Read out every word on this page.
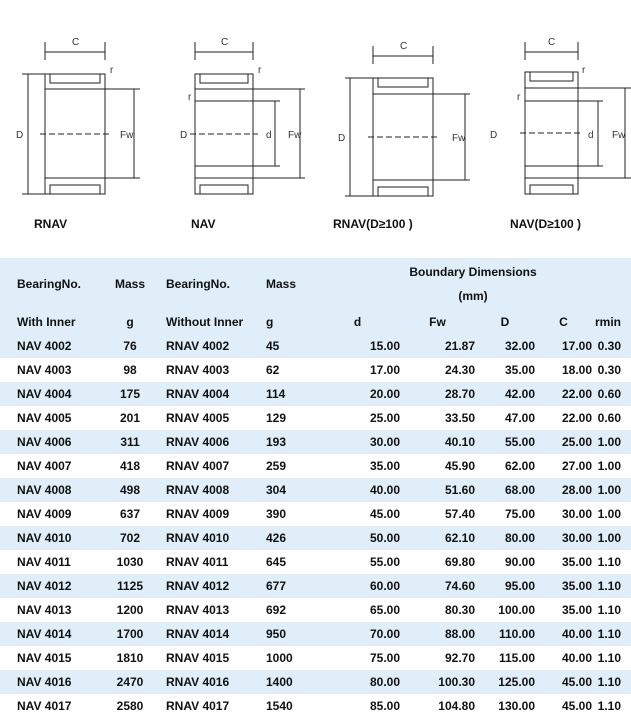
C
r
D	Fw
C
r
r
D	d Fw
C
D	Fw
C
r
r
D	d Fw
RNAV	NAV	RNAV(D≥100 )	NAV(D≥100 )
BearingNo.	Mass	BearingNo.	Mass	Boundary Dimensions
(mm)				

With Inner	g	Without Inner	g	d	Fw	D	C	rmin
NAV 4002	76	RNAV 4002	45	15.00	21.87	32.00	17.00	0.30
NAV 4003	98	RNAV 4003	62	17.00	24.30	35.00	18.00	0.30
NAV 4004	175	RNAV 4004	114	20.00	28.70	42.00	22.00	0.60
NAV 4005	201	RNAV 4005	129	25.00	33.50	47.00	22.00	0.60
NAV 4006	311	RNAV 4006	193	30.00	40.10	55.00	25.00	1.00
NAV 4007	418	RNAV 4007	259	35.00	45.90	62.00	27.00	1.00
NAV 4008	498	RNAV 4008	304	40.00	51.60	68.00	28.00	1.00
NAV 4009	637	RNAV 4009	390	45.00	57.40	75.00	30.00	1.00
NAV 4010	702	RNAV 4010	426	50.00	62.10	80.00	30.00	1.00
NAV 4011	1030	RNAV 4011	645	55.00	69.80	90.00	35.00	1.10
NAV 4012	1125	RNAV 4012	677	60.00	74.60	95.00	35.00	1.10
NAV 4013	1200	RNAV 4013	692	65.00	80.30	100.00	35.00	1.10
NAV 4014	1700	RNAV 4014	950	70.00	88.00	110.00	40.00	1.10
NAV 4015	1810	RNAV 4015	1000	75.00	92.70	115.00	40.00	1.10
NAV 4016	2470	RNAV 4016	1400	80.00	100.30	125.00	45.00	1.10
NAV 4017	2580	RNAV 4017	1540	85.00	104.80	130.00	45.00	1.10
